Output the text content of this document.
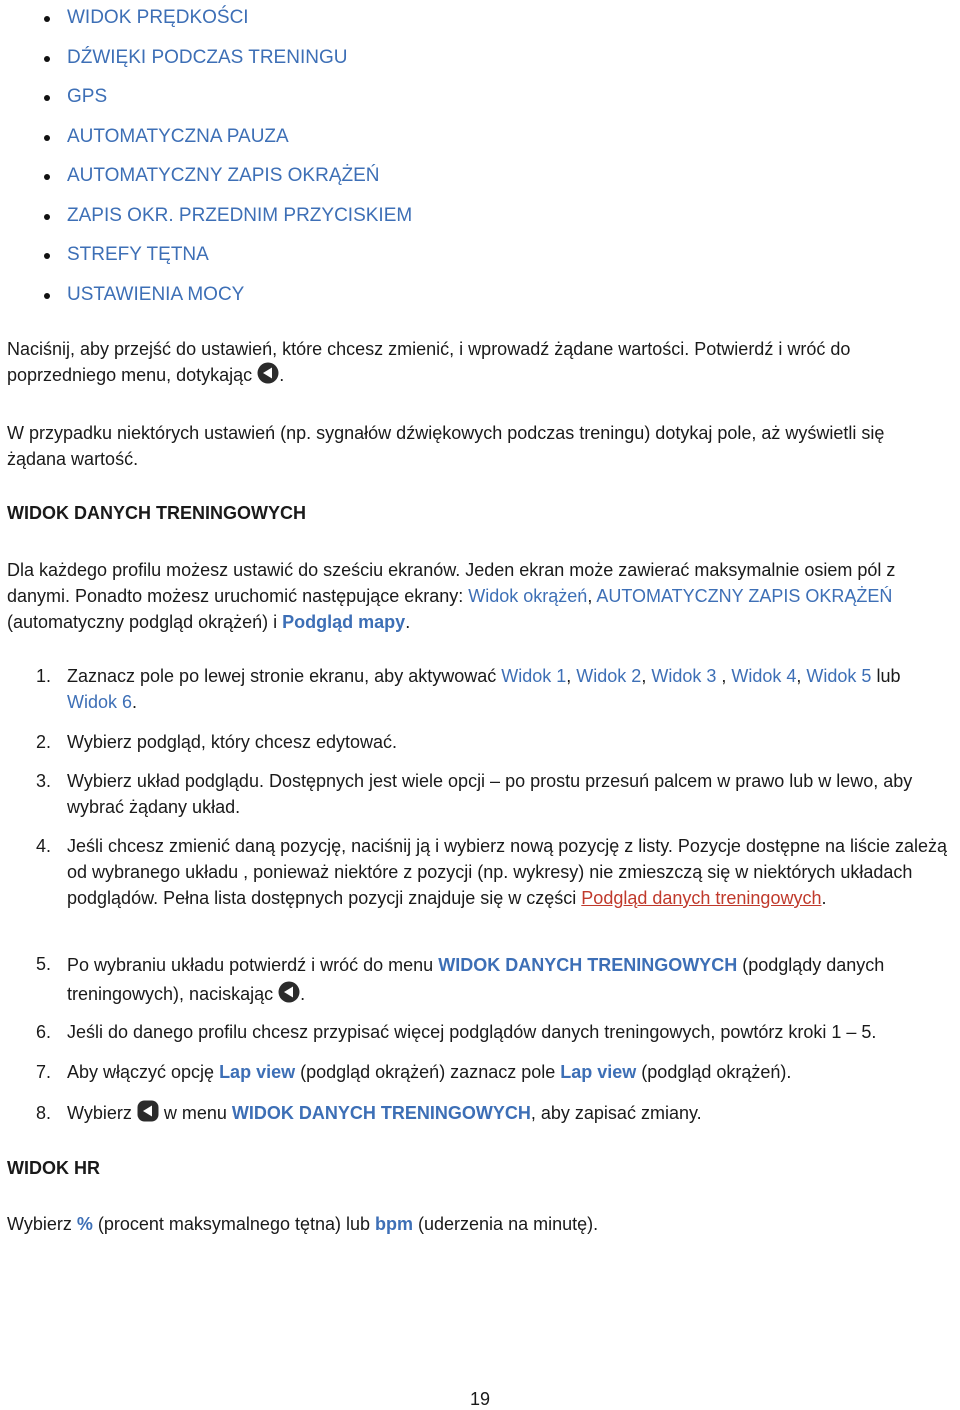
WIDOK PRĘDKOŚCI
DŹWIĘKI PODCZAS TRENINGU
GPS
AUTOMATYCZNA PAUZA
AUTOMATYCZNY ZAPIS OKRĄŻEŃ
ZAPIS OKR. PRZEDNIM PRZYCISKIEM
STREFY TĘTNA
USTAWIENIA MOCY

Naciśnij, aby przejść do ustawień, które chcesz zmienić, i wprowadź żądane wartości. Potwierdź i wróć do poprzedniego menu, dotykając .

W przypadku niektórych ustawień (np. sygnałów dźwiękowych podczas treningu) dotykaj pole, aż wyświetli się żądana wartość.

WIDOK DANYCH TRENINGOWYCH

Dla każdego profilu możesz ustawić do sześciu ekranów. Jeden ekran może zawierać maksymalnie osiem pól z danymi. Ponadto możesz uruchomić następujące ekrany: Widok okrążeń, AUTOMATYCZNY ZAPIS OKRĄŻEŃ (automatyczny podgląd okrążeń) i Podgląd mapy.

1. Zaznacz pole po lewej stronie ekranu, aby aktywować Widok 1, Widok 2, Widok 3 , Widok 4, Widok 5 lub Widok 6.
2. Wybierz podgląd, który chcesz edytować.
3. Wybierz układ podglądu. Dostępnych jest wiele opcji – po prostu przesuń palcem w prawo lub w lewo, aby wybrać żądany układ.
4. Jeśli chcesz zmienić daną pozycję, naciśnij ją i wybierz nową pozycję z listy. Pozycje dostępne na liście zależą od wybranego układu , ponieważ niektóre z pozycji (np. wykresy) nie zmieszczą się w niektórych układach podglądów. Pełna lista dostępnych pozycji znajduje się w części Podgląd danych treningowych.
5. Po wybraniu układu potwierdź i wróć do menu WIDOK DANYCH TRENINGOWYCH (podglądy danych treningowych), naciskając .
6. Jeśli do danego profilu chcesz przypisać więcej podglądów danych treningowych, powtórz kroki 1 – 5.
7. Aby włączyć opcję Lap view (podgląd okrążeń) zaznacz pole Lap view (podgląd okrążeń).
8. Wybierz  w menu WIDOK DANYCH TRENINGOWYCH, aby zapisać zmiany.
WIDOK HR

Wybierz % (procent maksymalnego tętna) lub bpm (uderzenia na minutę).

19
